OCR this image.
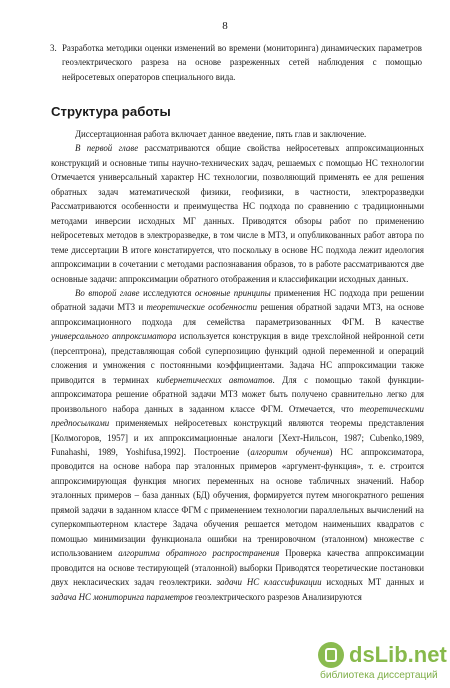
8
3. Разработка методики оценки изменений во времени (мониторинга) динамических параметров геоэлектрического разреза на основе разреженных сетей наблюдения с помощью нейросетевых операторов специального вида.
Структура работы

Диссертационная работа включает данное введение, пять глав и заключение.

В первой главе рассматриваются общие свойства нейросетевых аппроксимационных конструкций и основные типы научно-технических задач, решаемых с помощью НС технологии Отмечается универсальный характер НС технологии, позволяющий применять ее для решения обратных задач математической физики, геофизики, в частности, электроразведки Рассматриваются особенности и преимущества НС подхода по сравнению с традиционными методами инверсии исходных МГ данных. Приводятся обзоры работ по применению нейросетевых методов в электроразведке, в том числе в МТЗ, и опубликованных работ автора по теме диссертации В итоге констатируется, что поскольку в основе НС подхода лежит идеология аппроксимации в сочетании с методами распознавания образов, то в работе рассматриваются две основные задачи: аппроксимации обратного отображения и классификации исходных данных.

Во второй главе исследуются основные принципы применения НС подхода при решении обратной задачи МТЗ и теоретические особенности решения обратной задачи МТЗ, на основе аппроксимационного подхода для семейства параметризованных ФГМ. В качестве универсального аппроксиматора используется конструкция в виде трехслойной нейронной сети (персептрона), представляющая собой суперпозицию функций одной переменной и операций сложения и умножения с постоянными коэффициентами. Задача НС аппроксимации также приводится в терминах кибернетических автоматов. Для с помощью такой функции-аппроксиматора решение обратной задачи МТЗ может быть получено сравнительно легко для произвольного набора данных в заданном классе ФГМ. Отмечается, что теоретическими предпосылками применяемых нейросетевых конструкций являются теоремы представления [Колмогоров, 1957] и их аппроксимационные аналоги [Хехт-Нильсон, 1987; Cubenko,1989, Funahashi, 1989, Yoshifusa,1992]. Построение (алгоритм обучения) НС аппроксиматора, проводится на основе набора пар эталонных примеров «аргумент-функция», т. е. строится аппроксимирующая функция многих переменных на основе табличных значений. Набор эталонных примеров – база данных (БД) обучения, формируется путем многократного решения прямой задачи в заданном классе ФГМ с применением технологии параллельных вычислений на суперкомпьютерном кластере Задача обучения решается методом наименьших квадратов с помощью минимизации функционала ошибки на тренировочном (эталонном) множестве с использованием алгоритма обратного распространения Проверка качества аппроксимации проводится на основе тестирующей (эталонной) выборки Приводятся теоретические постановки двух некласических задач геоэлектрики. задачи НС классификации исходных МТ данных и задача НС мониторинга параметров геоэлектрического разрезов Анализируются

dsLib.net
библиотека диссертаций
